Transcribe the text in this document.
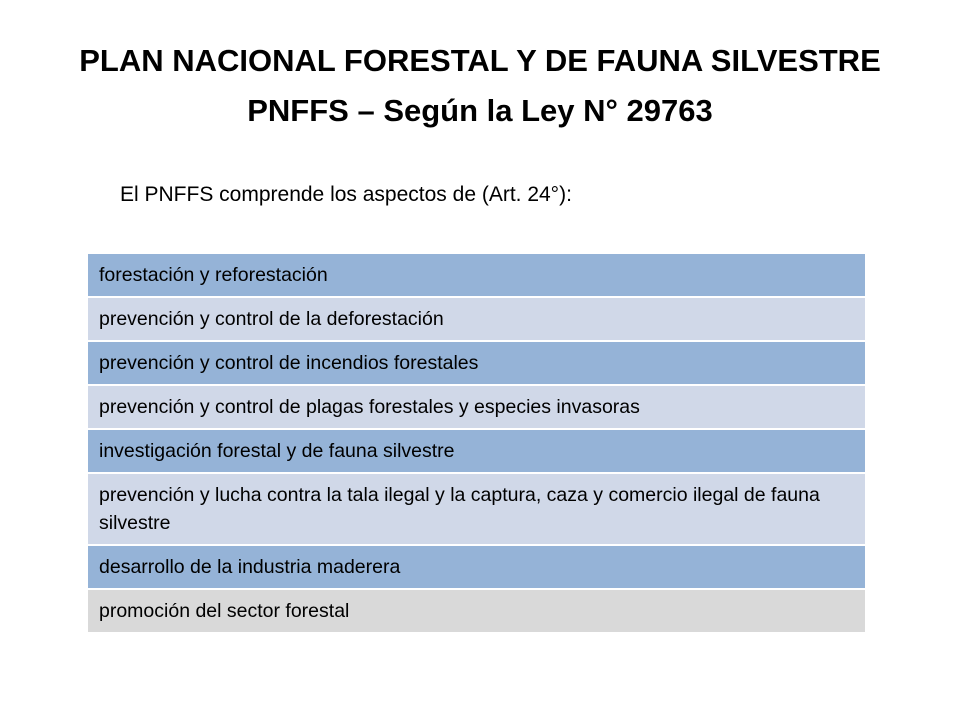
PLAN NACIONAL FORESTAL Y DE FAUNA SILVESTRE
PNFFS – Según la Ley N° 29763
El PNFFS comprende los aspectos de (Art. 24°):
forestación y reforestación
prevención y control de la deforestación
prevención y control de incendios forestales
prevención y control de plagas forestales y especies invasoras
investigación forestal y de fauna silvestre
prevención y lucha contra la tala ilegal y la captura, caza y comercio ilegal de fauna silvestre
desarrollo de la industria maderera
promoción del sector forestal
